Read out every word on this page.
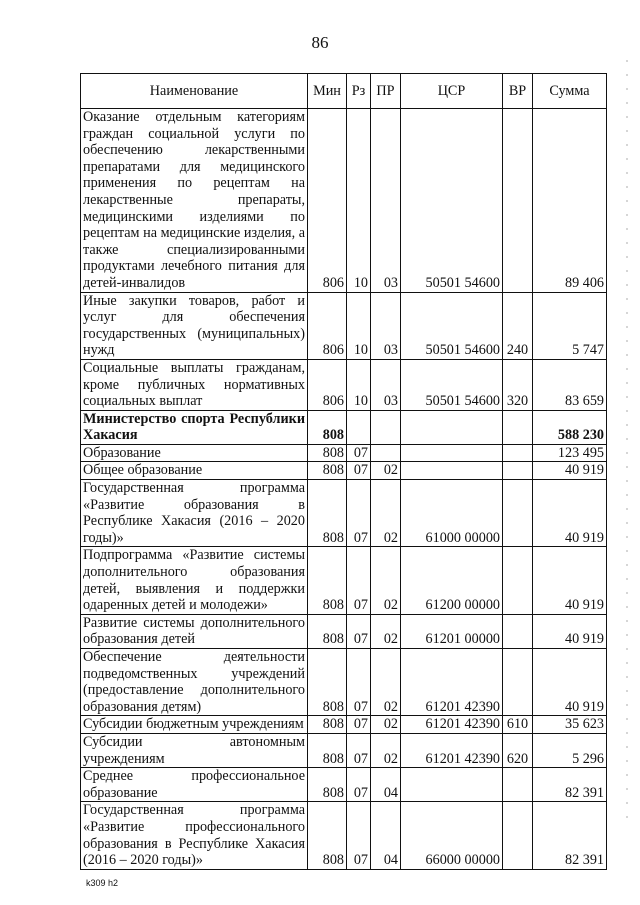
86
Наименование	Мин	Рз	ПР	ЦСР	ВР	Сумма
Оказание отдельным категориям граждан социальной услуги по обеспечению лекарственными препаратами для медицинского применения по рецептам на лекарственные препараты, медицинскими изделиями по рецептам на медицинские изделия, а также специализированными продуктами лечебного питания для детей-инвалидов	806	10	03	50501 54600		89 406
Иные закупки товаров, работ и услуг для обеспечения государственных (муниципальных) нужд	806	10	03	50501 54600	240	5 747
Социальные выплаты гражданам, кроме публичных нормативных социальных выплат	806	10	03	50501 54600	320	83 659
Министерство спорта Республики Хакасия	808					588 230
Образование	808	07				123 495
Общее образование	808	07	02			40 919
Государственная программа «Развитие образования в Республике Хакасия (2016 – 2020 годы)»	808	07	02	61000 00000		40 919
Подпрограмма «Развитие системы дополнительного образования детей, выявления и поддержки одаренных детей и молодежи»	808	07	02	61200 00000		40 919
Развитие системы дополнительного образования детей	808	07	02	61201 00000		40 919
Обеспечение деятельности подведомственных учреждений (предоставление дополнительного образования детям)	808	07	02	61201 42390		40 919
Субсидии бюджетным учреждениям	808	07	02	61201 42390	610	35 623
Субсидии автономным учреждениям	808	07	02	61201 42390	620	5 296
Среднее профессиональное образование	808	07	04			82 391
Государственная программа «Развитие профессионального образования в Республике Хакасия (2016 – 2020 годы)»	808	07	04	66000 00000		82 391
k309 h2
